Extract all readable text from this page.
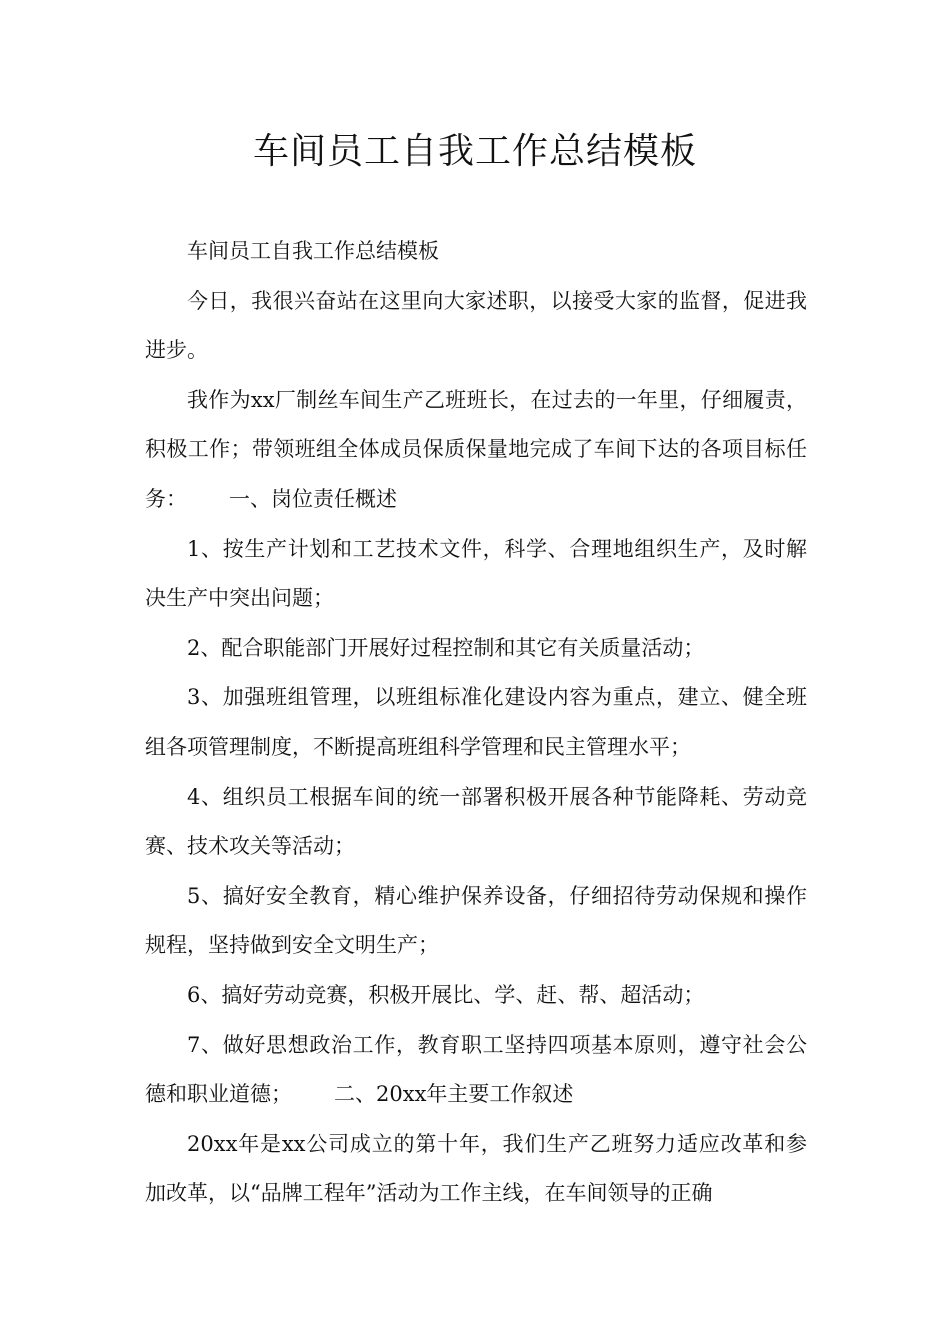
车间员工自我工作总结模板

车间员工自我工作总结模板

今日，我很兴奋站在这里向大家述职，以接受大家的监督，促进我进步。

我作为xx厂制丝车间生产乙班班长，在过去的一年里，仔细履责，积极工作；带领班组全体成员保质保量地完成了车间下达的各项目标任务： 一、岗位责任概述

1、按生产计划和工艺技术文件，科学、合理地组织生产，及时解决生产中突出问题；

2、配合职能部门开展好过程控制和其它有关质量活动；

3、加强班组管理，以班组标准化建设内容为重点，建立、健全班组各项管理制度，不断提高班组科学管理和民主管理水平；

4、组织员工根据车间的统一部署积极开展各种节能降耗、劳动竞赛、技术攻关等活动；

5、搞好安全教育，精心维护保养设备，仔细招待劳动保规和操作规程，坚持做到安全文明生产；

6、搞好劳动竞赛，积极开展比、学、赶、帮、超活动；

7、做好思想政治工作，教育职工坚持四项基本原则，遵守社会公德和职业道德； 二、20xx年主要工作叙述

20xx年是xx公司成立的第十年，我们生产乙班努力适应改革和参加改革，以“品牌工程年”活动为工作主线，在车间领导的正确
